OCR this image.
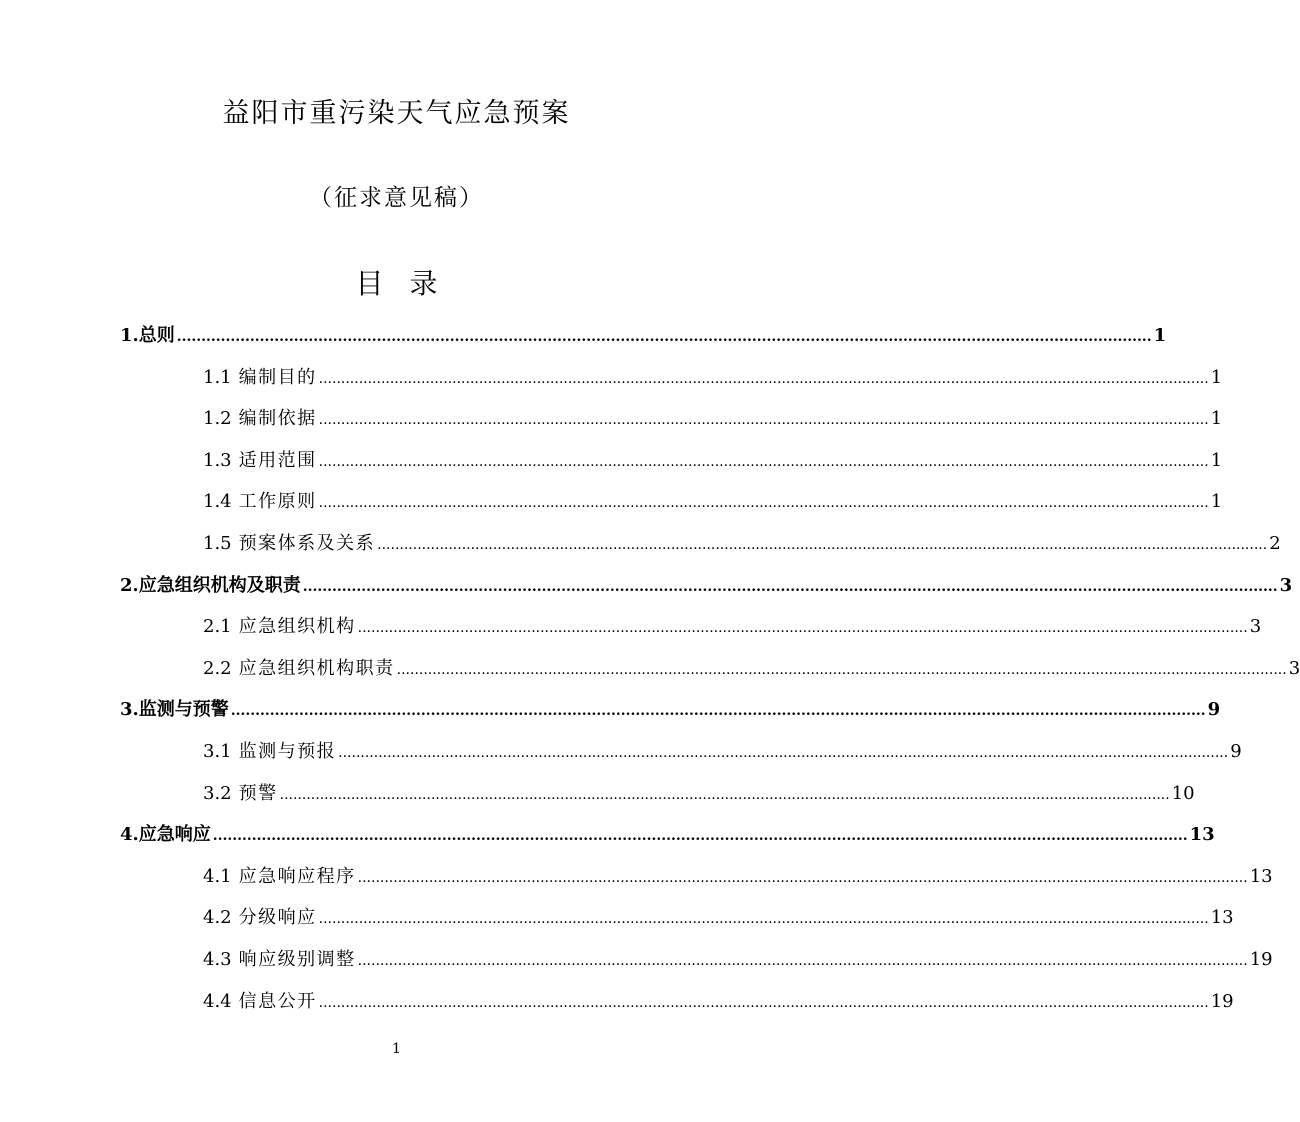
益阳市重污染天气应急预案
（征求意见稿）
目录
1. 总则 ........................................................................................................................................................................................................ 1
1.1 编制目的 ........................................................................................................................................................................................................ 1
1.2 编制依据 ........................................................................................................................................................................................................ 1
1.3 适用范围 ........................................................................................................................................................................................................ 1
1.4 工作原则 ........................................................................................................................................................................................................ 1
1.5 预案体系及关系 ........................................................................................................................................................................................................ 2
2. 应急组织机构及职责 ........................................................................................................................................................................................................ 3
2.1 应急组织机构 ........................................................................................................................................................................................................ 3
2.2 应急组织机构职责 ........................................................................................................................................................................................................ 3
3. 监测与预警 ........................................................................................................................................................................................................ 9
3.1 监测与预报 ........................................................................................................................................................................................................ 9
3.2 预警 ........................................................................................................................................................................................................ 10
4. 应急响应 ........................................................................................................................................................................................................ 13
4.1 应急响应程序 ........................................................................................................................................................................................................ 13
4.2 分级响应 ........................................................................................................................................................................................................ 13
4.3 响应级别调整 ........................................................................................................................................................................................................ 19
4.4 信息公开 ........................................................................................................................................................................................................ 19
1
